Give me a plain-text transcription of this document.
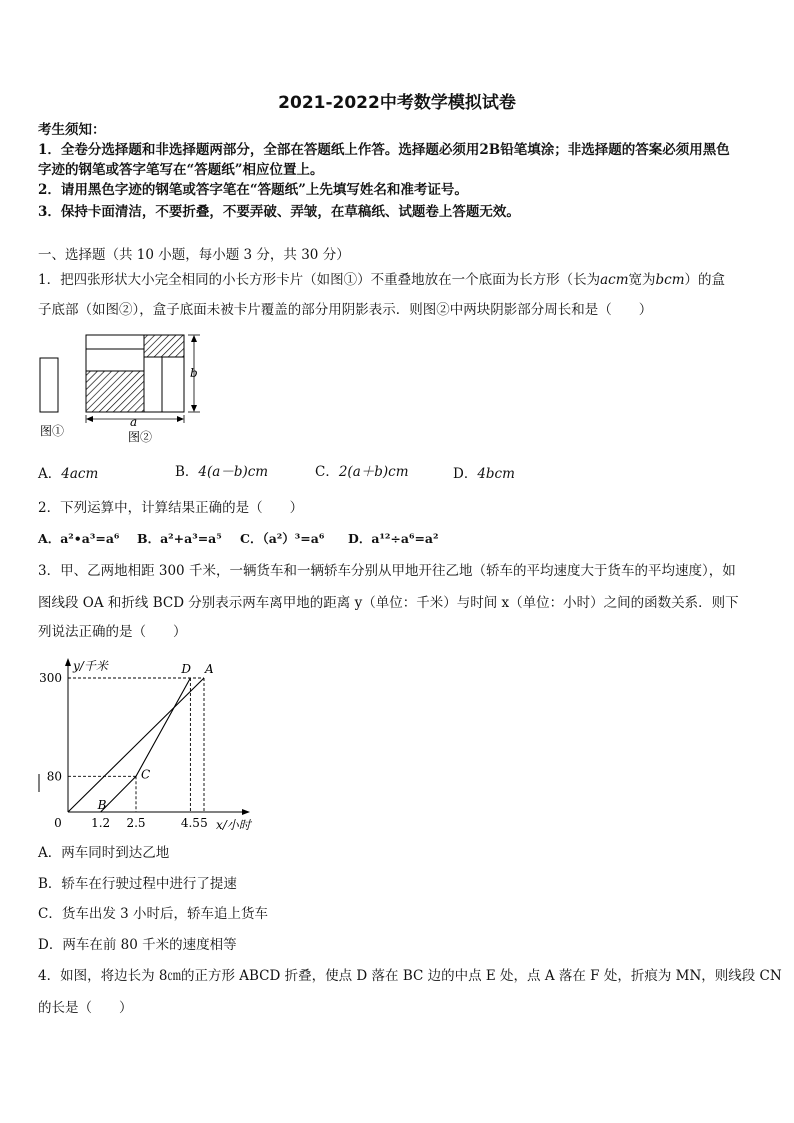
2021-2022中考数学模拟试卷
考生须知：
1．全卷分选择题和非选择题两部分，全部在答题纸上作答。选择题必须用2B铅笔填涂；非选择题的答案必须用黑色
字迹的钢笔或答字笔写在“答题纸”相应位置上。
2．请用黑色字迹的钢笔或答字笔在“答题纸”上先填写姓名和准考证号。
3．保持卡面清洁，不要折叠，不要弄破、弄皱，在草稿纸、试题卷上答题无效。
一、选择题（共 10 小题，每小题 3 分，共 30 分）
1．把四张形状大小完全相同的小长方形卡片（如图①）不重叠地放在一个底面为长方形（长为acm宽为bcm）的盒
子底部（如图②），盒子底面未被卡片覆盖的部分用阴影表示．则图②中两块阴影部分周长和是（　　）
b
a
图①	图②
A．4acm	B．4(a－b)cm	C．2(a＋b)cm	D．4bcm
2．下列运算中，计算结果正确的是（　　）
A．a²•a³=a⁶ B．a²+a³=a⁵ C．（a²）³=a⁶ D．a¹²÷a⁶=a²
3．甲、乙两地相距 300 千米，一辆货车和一辆轿车分别从甲地开往乙地（轿车的平均速度大于货车的平均速度），如
图线段 OA 和折线 BCD 分别表示两车离甲地的距离 y（单位：千米）与时间 x（单位：小时）之间的函数关系．则下
列说法正确的是（　　）
y/千米
x/小时
0 1.2 2.5	4.5 5
80
300
B
C
D A
A．两车同时到达乙地
B．轿车在行驶过程中进行了提速
C．货车出发 3 小时后，轿车追上货车
D．两车在前 80 千米的速度相等
4．如图，将边长为 8㎝的正方形 ABCD 折叠，使点 D 落在 BC 边的中点 E 处，点 A 落在 F 处，折痕为 MN，则线段 CN
的长是（　　）
